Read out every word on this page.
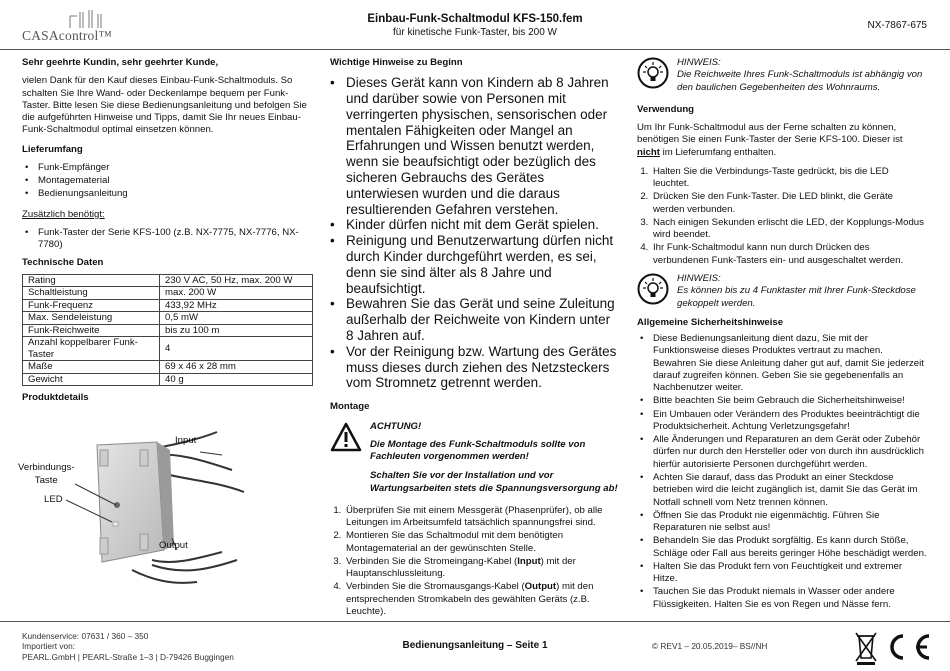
CASAcontrol™
Einbau-Funk-Schaltmodul KFS-150.fem
für kinetische Funk-Taster, bis 200 W
NX-7867-675
Sehr geehrte Kundin, sehr geehrter Kunde,

vielen Dank für den Kauf dieses Einbau-Funk-Schaltmoduls. So schalten Sie Ihre Wand- oder Deckenlampe bequem per Funk-Taster. Bitte lesen Sie diese Bedienungsanleitung und befolgen Sie die aufgeführten Hinweise und Tipps, damit Sie Ihr neues Einbau-Funk-Schaltmodul optimal einsetzen können.

Lieferumfang
• Funk-Empfänger
• Montagematerial
• Bedienungsanleitung

Zusätzlich benötigt:

• Funk-Taster der Serie KFS-100 (z.B. NX-7775, NX-7776, NX-7780)
Technische Daten
Rating	230 V AC, 50 Hz, max. 200 W
Schaltleistung	max. 200 W
Funk-Frequenz	433,92 MHz
Max. Sendeleistung	0,5 mW
Funk-Reichweite	bis zu 100 m
Anzahl koppelbarer Funk-Taster	4
Maße	69 x 46 x 28 mm
Gewicht	40 g
Produktdetails
Input
Verbindungs-
Taste
LED
Output
Wichtige Hinweise zu Beginn
• Dieses Gerät kann von Kindern ab 8 Jahren und darüber sowie von Personen mit verringerten physischen, sensorischen oder mentalen Fähigkeiten oder Mangel an Erfahrungen und Wissen benutzt werden, wenn sie beaufsichtigt oder bezüglich des sicheren Gebrauchs des Gerätes unterwiesen wurden und die daraus resultierenden Gefahren verstehen.
• Kinder dürfen nicht mit dem Gerät spielen.
• Reinigung und Benutzerwartung dürfen nicht durch Kinder durchgeführt werden, es sei, denn sie sind älter als 8 Jahre und beaufsichtigt.
• Bewahren Sie das Gerät und seine Zuleitung außerhalb der Reichweite von Kindern unter 8 Jahren auf.
• Vor der Reinigung bzw. Wartung des Gerätes muss dieses durch ziehen des Netzsteckers vom Stromnetz getrennt werden.
Montage
ACHTUNG!
Die Montage des Funk-Schaltmoduls sollte von Fachleuten vorgenommen werden!
Schalten Sie vor der Installation und vor Wartungsarbeiten stets die Spannungsversorgung ab!
1. Überprüfen Sie mit einem Messgerät (Phasenprüfer), ob alle Leitungen im Arbeitsumfeld tatsächlich spannungsfrei sind.
2. Montieren Sie das Schaltmodul mit dem benötigten Montagematerial an der gewünschten Stelle.
3. Verbinden Sie die Stromeingang-Kabel (Input) mit der Hauptanschlussleitung.
4. Verbinden Sie die Stromausgangs-Kabel (Output) mit den entsprechenden Stromkabeln des gewählten Geräts (z.B. Leuchte).
HINWEIS:
Die Reichweite Ihres Funk-Schaltmoduls ist abhängig von den baulichen Gegebenheiten des Wohnraums.
Verwendung

Um Ihr Funk-Schaltmodul aus der Ferne schalten zu können, benötigen Sie einen Funk-Taster der Serie KFS-100. Dieser ist nicht im Lieferumfang enthalten.

1. Halten Sie die Verbindungs-Taste gedrückt, bis die LED leuchtet.
2. Drücken Sie den Funk-Taster. Die LED blinkt, die Geräte werden verbunden.
3. Nach einigen Sekunden erlischt die LED, der Kopplungs-Modus wird beendet.
4. Ihr Funk-Schaltmodul kann nun durch Drücken des verbundenen Funk-Tasters ein- und ausgeschaltet werden.
HINWEIS:
Es können bis zu 4 Funktaster mit Ihrer Funk-Steckdose gekoppelt werden.
Allgemeine Sicherheitshinweise
• Diese Bedienungsanleitung dient dazu, Sie mit der Funktionsweise dieses Produktes vertraut zu machen. Bewahren Sie diese Anleitung daher gut auf, damit Sie jederzeit darauf zugreifen können. Geben Sie sie gegebenenfalls an Nachbenutzer weiter.
• Bitte beachten Sie beim Gebrauch die Sicherheitshinweise!
• Ein Umbauen oder Verändern des Produktes beeinträchtigt die Produktsicherheit. Achtung Verletzungsgefahr!
• Alle Änderungen und Reparaturen an dem Gerät oder Zubehör dürfen nur durch den Hersteller oder von durch ihn ausdrücklich hierfür autorisierte Personen durchgeführt werden.
• Achten Sie darauf, dass das Produkt an einer Steckdose betrieben wird die leicht zugänglich ist, damit Sie das Gerät im Notfall schnell vom Netz trennen können.
• Öffnen Sie das Produkt nie eigenmächtig. Führen Sie Reparaturen nie selbst aus!
• Behandeln Sie das Produkt sorgfältig. Es kann durch Stöße, Schläge oder Fall aus bereits geringer Höhe beschädigt werden.
• Halten Sie das Produkt fern von Feuchtigkeit und extremer Hitze.
• Tauchen Sie das Produkt niemals in Wasser oder andere Flüssigkeiten. Halten Sie es von Regen und Nässe fern.
Kundenservice: 07631 / 360 – 350
Importiert von:
PEARL.GmbH | PEARL-Straße 1–3 | D-79426 Buggingen
Bedienungsanleitung – Seite 1	© REV1 – 20.05.2019– BS//NH
